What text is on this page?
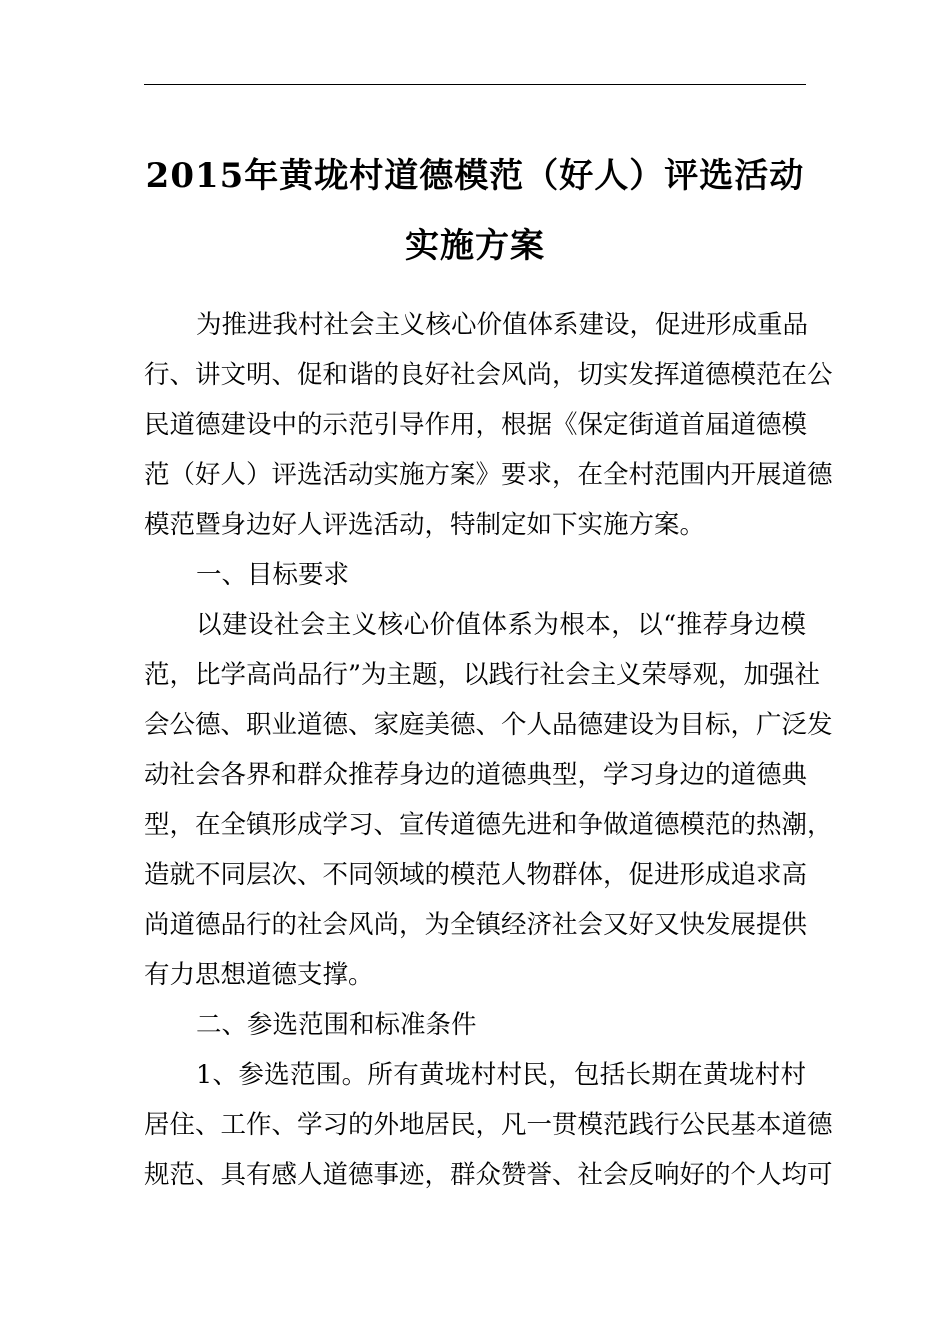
2015年黄垅村道德模范（好人）评选活动
实施方案
为推进我村社会主义核心价值体系建设，促进形成重品
行、讲文明、促和谐的良好社会风尚，切实发挥道德模范在公
民道德建设中的示范引导作用，根据《保定街道首届道德模
范（好人）评选活动实施方案》要求，在全村范围内开展道德
模范暨身边好人评选活动，特制定如下实施方案。
一、目标要求
以建设社会主义核心价值体系为根本，以“推荐身边模
范，比学高尚品行”为主题，以践行社会主义荣辱观，加强社
会公德、职业道德、家庭美德、个人品德建设为目标，广泛发
动社会各界和群众推荐身边的道德典型，学习身边的道德典
型，在全镇形成学习、宣传道德先进和争做道德模范的热潮，
造就不同层次、不同领域的模范人物群体，促进形成追求高
尚道德品行的社会风尚，为全镇经济社会又好又快发展提供
有力思想道德支撑。
二、参选范围和标准条件
1、参选范围。所有黄垅村村民，包括长期在黄垅村村
居住、工作、学习的外地居民，凡一贯模范践行公民基本道德
规范、具有感人道德事迹，群众赞誉、社会反响好的个人均可
